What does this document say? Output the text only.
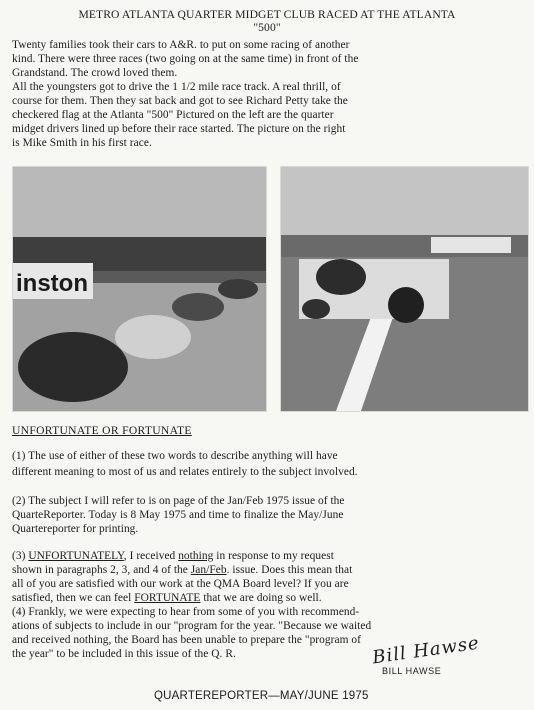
METRO ATLANTA QUARTER MIDGET CLUB RACED AT THE ATLANTA
"500"
Twenty families took their cars to A&R. to put on some racing of another
kind. There were three races (two going on at the same time) in front of the
Grandstand. The crowd loved them.
All the youngsters got to drive the 1 1/2 mile race track. A real thrill, of
course for them. Then they sat back and got to see Richard Petty take the
checkered flag at the Atlanta "500" Pictured on the left are the quarter
midget drivers lined up before their race started. The picture on the right
is Mike Smith in his first race.
inston
UNFORTUNATE OR FORTUNATE
(1) The use of either of these two words to describe anything will have
different meaning to most of us and relates entirely to the subject involved.
(2) The subject I will refer to is on page of the Jan/Feb 1975 issue of the
QuarteReporter. Today is 8 May 1975 and time to finalize the May/June
Quartereporter for printing.
(3) UNFORTUNATELY, I received nothing in response to my request
shown in paragraphs 2, 3, and 4 of the Jan/Feb. issue. Does this mean that
all of you are satisfied with our work at the QMA Board level? If you are
satisfied, then we can feel FORTUNATE that we are doing so well.
(4) Frankly, we were expecting to hear from some of you with recommend-
ations of subjects to include in our "program for the year. "Because we waited
and received nothing, the Board has been unable to prepare the "program of
the year" to be included in this issue of the Q. R.	Bill Hawse
BILL HAWSE
QUARTEREPORTER—MAY/JUNE 1975
